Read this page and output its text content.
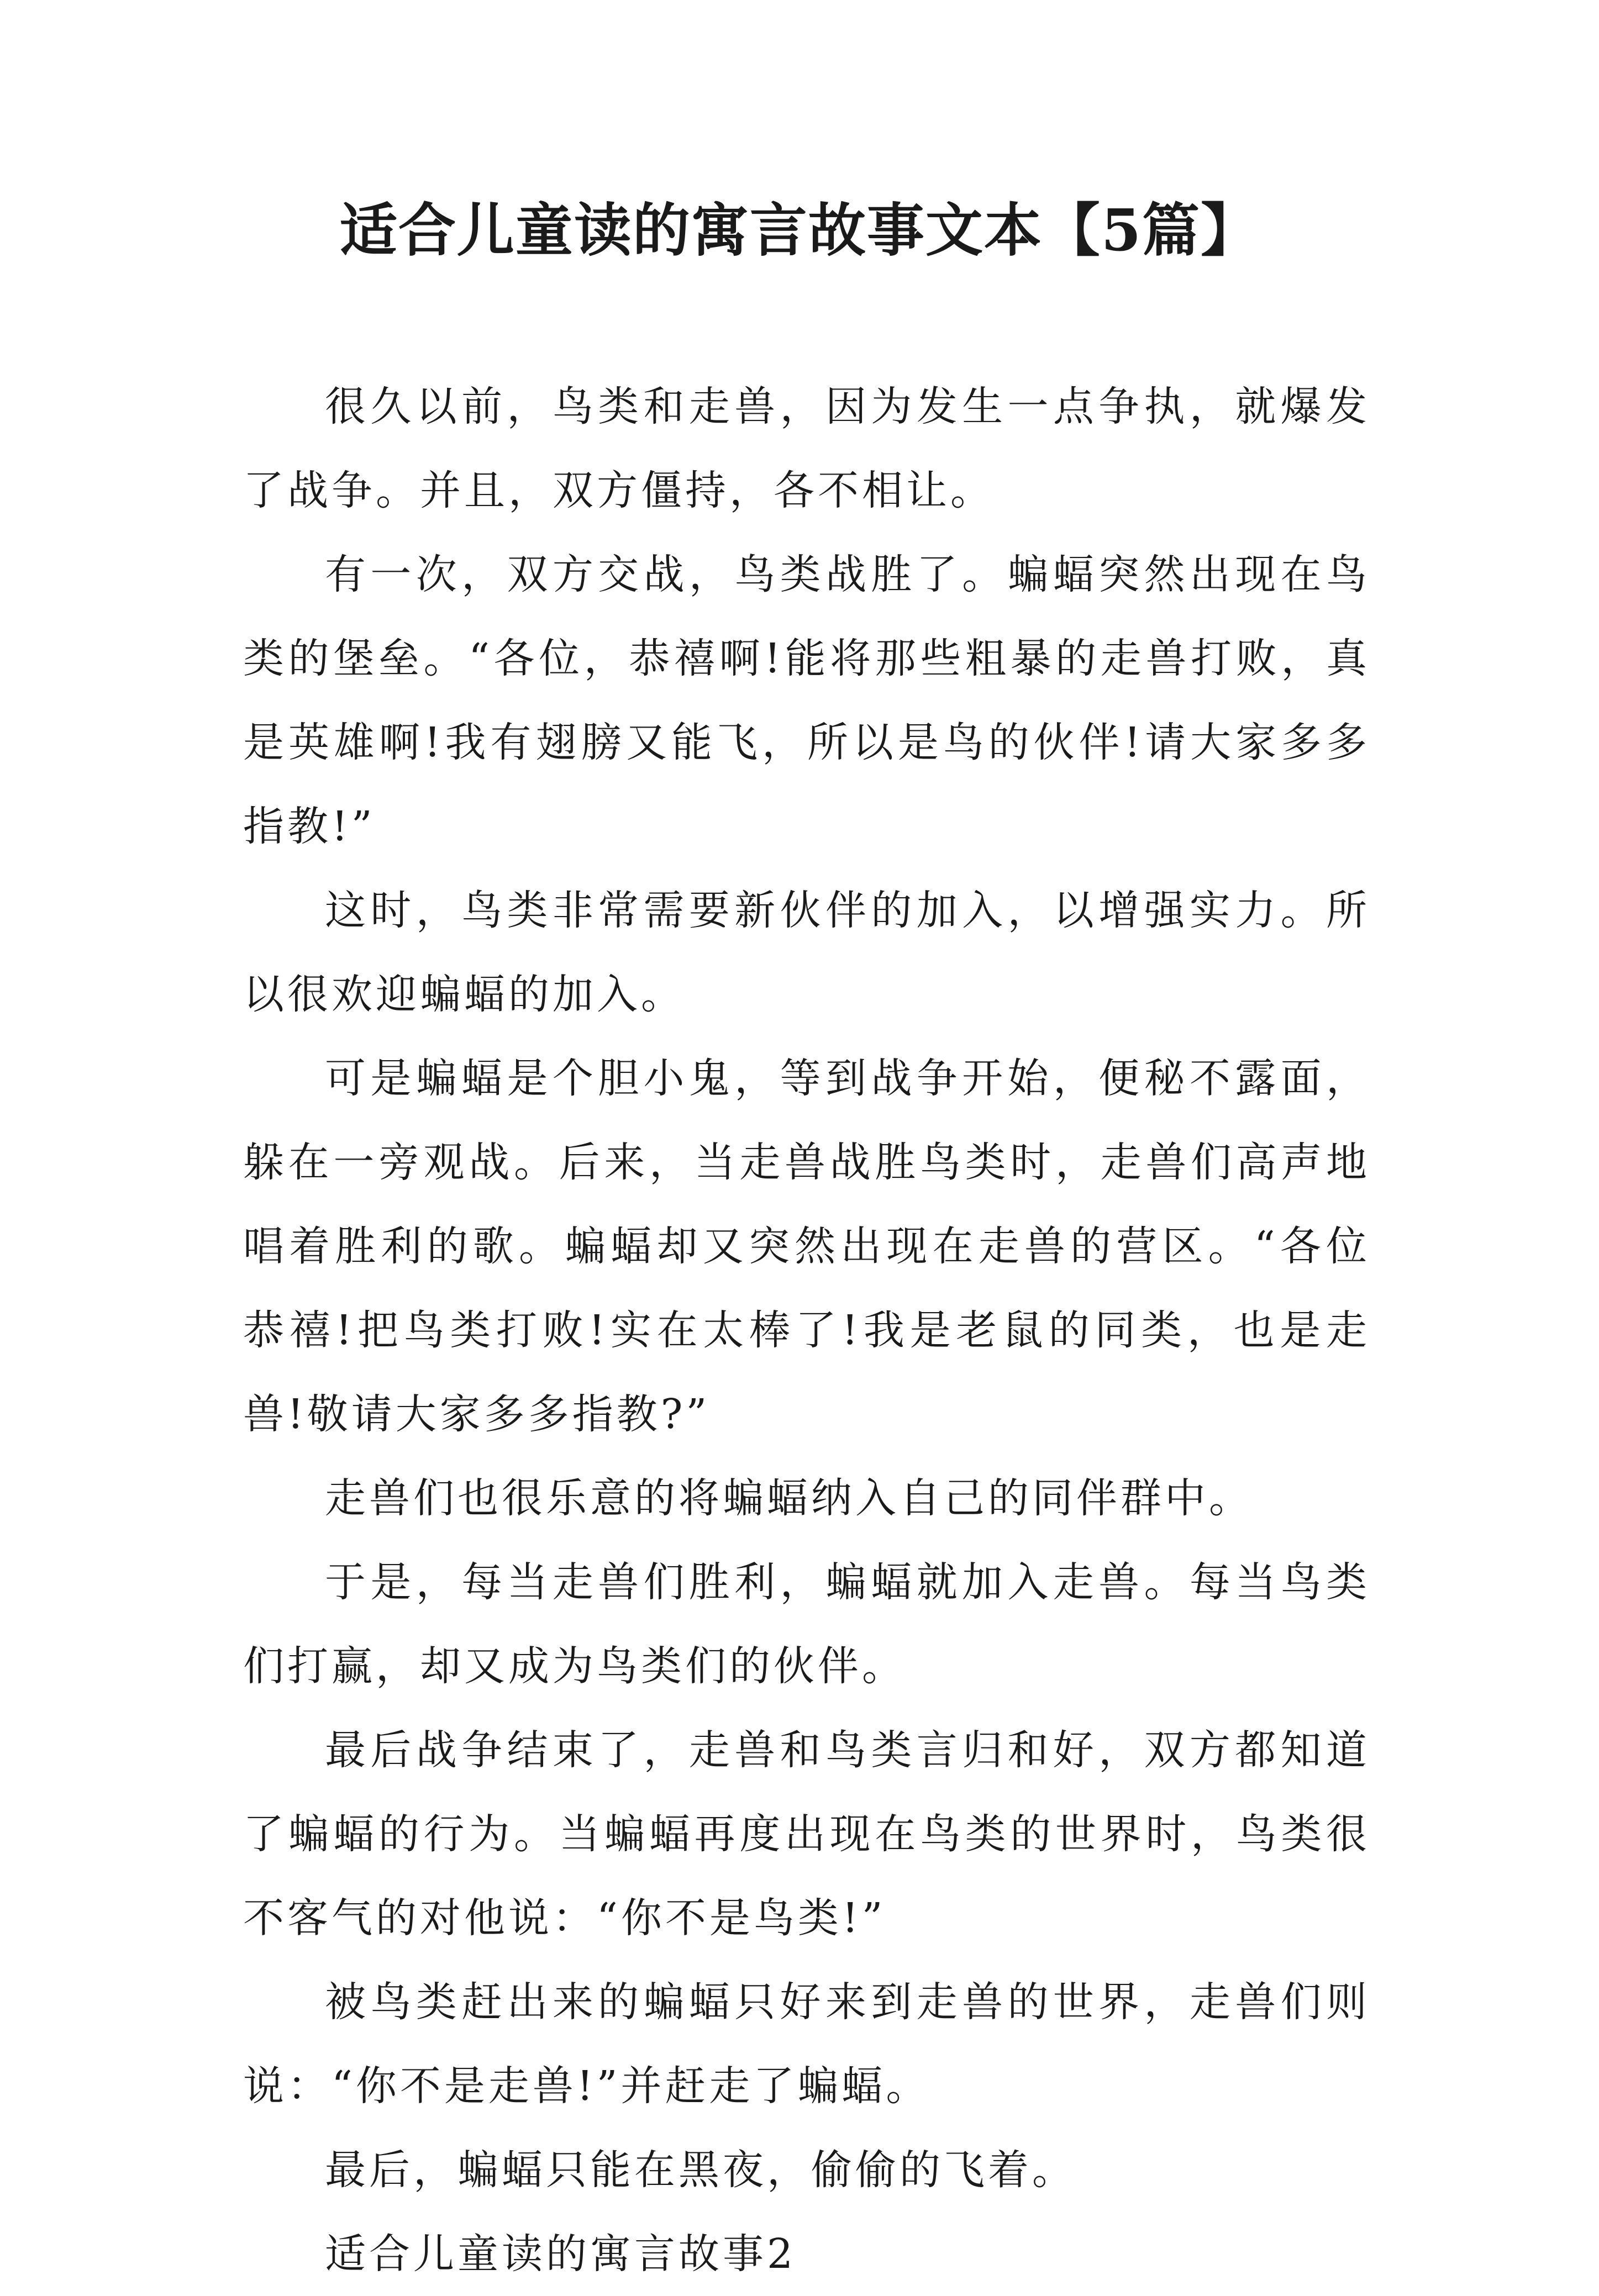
适合儿童读的寓言故事文本【5篇】

很久以前，鸟类和走兽，因为发生一点争执，就爆发了战争。并且，双方僵持，各不相让。

有一次，双方交战，鸟类战胜了。蝙蝠突然出现在鸟类的堡垒。“各位，恭禧啊!能将那些粗暴的走兽打败，真是英雄啊!我有翅膀又能飞，所以是鸟的伙伴!请大家多多指教!”

这时，鸟类非常需要新伙伴的加入，以增强实力。所以很欢迎蝙蝠的加入。

可是蝙蝠是个胆小鬼，等到战争开始，便秘不露面，躲在一旁观战。后来，当走兽战胜鸟类时，走兽们高声地唱着胜利的歌。蝙蝠却又突然出现在走兽的营区。“各位恭禧!把鸟类打败!实在太棒了!我是老鼠的同类，也是走兽!敬请大家多多指教?”

走兽们也很乐意的将蝙蝠纳入自己的同伴群中。

于是，每当走兽们胜利，蝙蝠就加入走兽。每当鸟类们打赢，却又成为鸟类们的伙伴。

最后战争结束了，走兽和鸟类言归和好，双方都知道了蝙蝠的行为。当蝙蝠再度出现在鸟类的世界时，鸟类很不客气的对他说：“你不是鸟类!”

被鸟类赶出来的蝙蝠只好来到走兽的世界，走兽们则说：“你不是走兽!”并赶走了蝙蝠。

最后，蝙蝠只能在黑夜，偷偷的飞着。

适合儿童读的寓言故事2
